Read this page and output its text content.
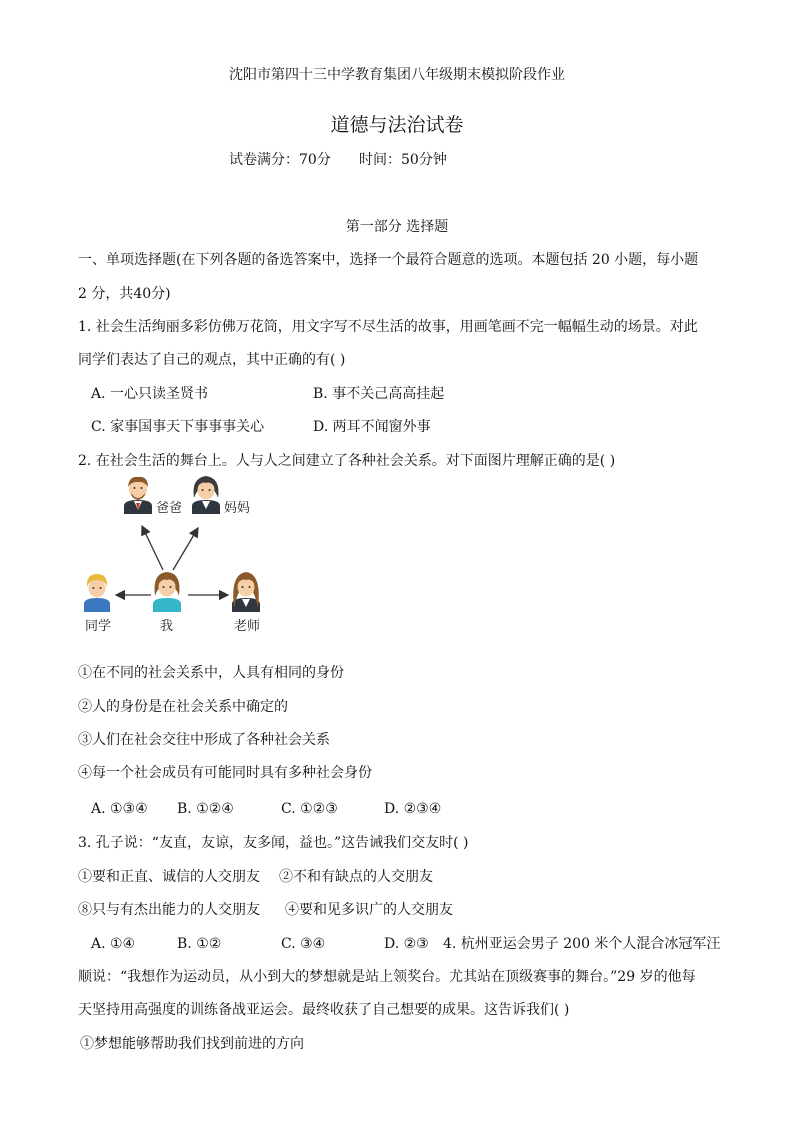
沈阳市第四十三中学教育集团八年级期末模拟阶段作业
道德与法治试卷
试卷满分：70分 时间：50分钟
第一部分 选择题
一、单项选择题(在下列各题的备选答案中，选择一个最符合题意的选项。本题包括 20 小题，每小题
2 分，共40分)
1. 社会生活绚丽多彩仿佛万花筒，用文字写不尽生活的故事，用画笔画不完一幅幅生动的场景。对此
同学们表达了自己的观点，其中正确的有( )
A. 一心只读圣贤书	B. 事不关己高高挂起
C. 家事国事天下事事事关心	D. 两耳不闻窗外事
2. 在社会生活的舞台上。人与人之间建立了各种社会关系。对下面图片理解正确的是( )
爸爸	妈妈
同学	我	老师
①在不同的社会关系中，人具有相同的身份
②人的身份是在社会关系中确定的
③人们在社会交往中形成了各种社会关系
④每一个社会成员有可能同时具有多种社会身份
A. ①③④ B. ①②④	C. ①②③	D. ②③④
3. 孔子说：“友直，友谅，友多闻，益也。”这告诫我们交友时( )
①要和正直、诚信的人交朋友 ②不和有缺点的人交朋友
⑧只与有杰出能力的人交朋友 ④要和见多识广的人交朋友
A. ①④	B. ①②	C. ③④	D. ②③ 4. 杭州亚运会男子 200 米个人混合冰冠军汪
顺说：“我想作为运动员，从小到大的梦想就是站上领奖台。尤其站在顶级赛事的舞台。”29 岁的他每
天坚持用高强度的训练备战亚运会。最终收获了自己想要的成果。这告诉我们( )
①梦想能够帮助我们找到前进的方向
